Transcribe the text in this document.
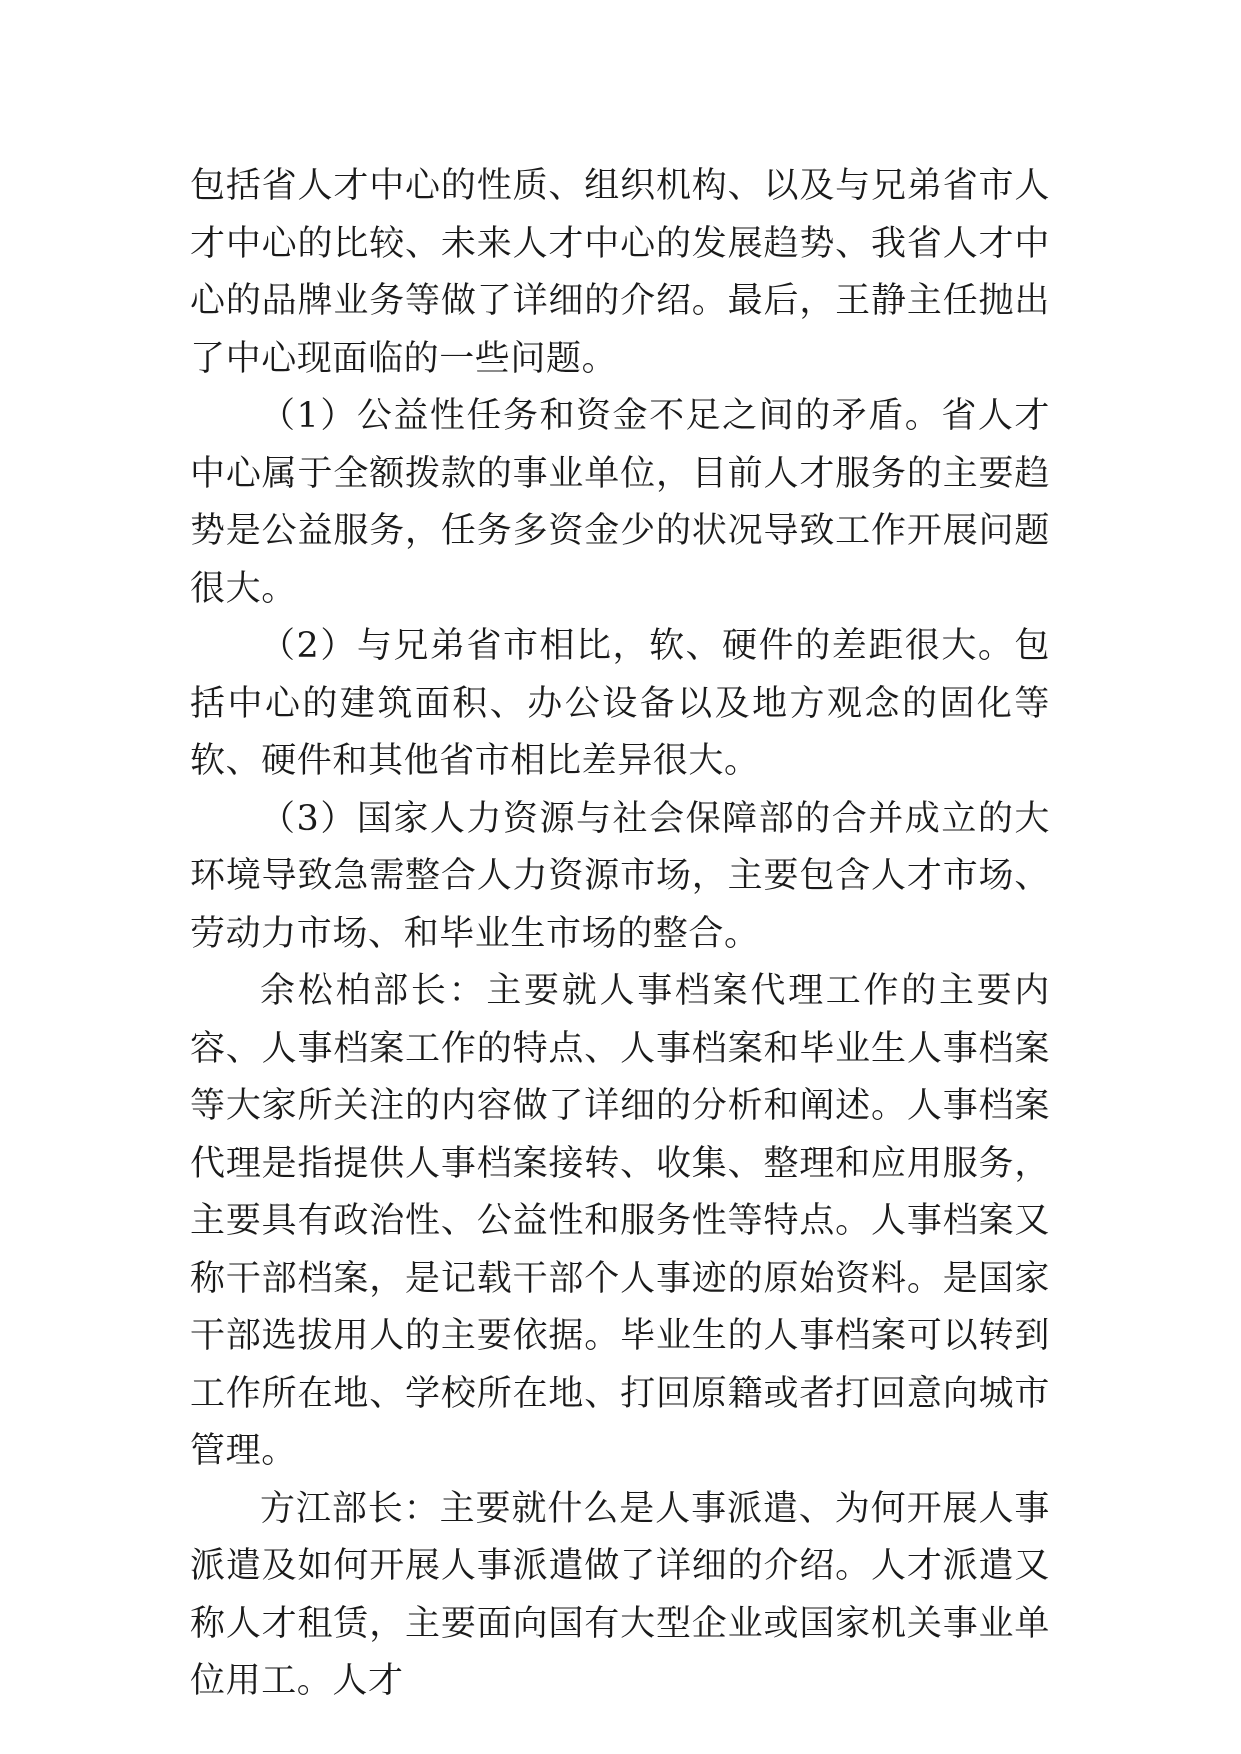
包括省人才中心的性质、组织机构、以及与兄弟省市人才中心的比较、未来人才中心的发展趋势、我省人才中心的品牌业务等做了详细的介绍。最后，王静主任抛出了中心现面临的一些问题。

（1）公益性任务和资金不足之间的矛盾。省人才中心属于全额拨款的事业单位，目前人才服务的主要趋势是公益服务，任务多资金少的状况导致工作开展问题很大。

（2）与兄弟省市相比，软、硬件的差距很大。包括中心的建筑面积、办公设备以及地方观念的固化等软、硬件和其他省市相比差异很大。

（3）国家人力资源与社会保障部的合并成立的大环境导致急需整合人力资源市场，主要包含人才市场、劳动力市场、和毕业生市场的整合。

余松柏部长：主要就人事档案代理工作的主要内容、人事档案工作的特点、人事档案和毕业生人事档案等大家所关注的内容做了详细的分析和阐述。人事档案代理是指提供人事档案接转、收集、整理和应用服务，主要具有政治性、公益性和服务性等特点。人事档案又称干部档案，是记载干部个人事迹的原始资料。是国家干部选拔用人的主要依据。毕业生的人事档案可以转到工作所在地、学校所在地、打回原籍或者打回意向城市管理。

方江部长：主要就什么是人事派遣、为何开展人事派遣及如何开展人事派遣做了详细的介绍。人才派遣又称人才租赁，主要面向国有大型企业或国家机关事业单位用工。人才
